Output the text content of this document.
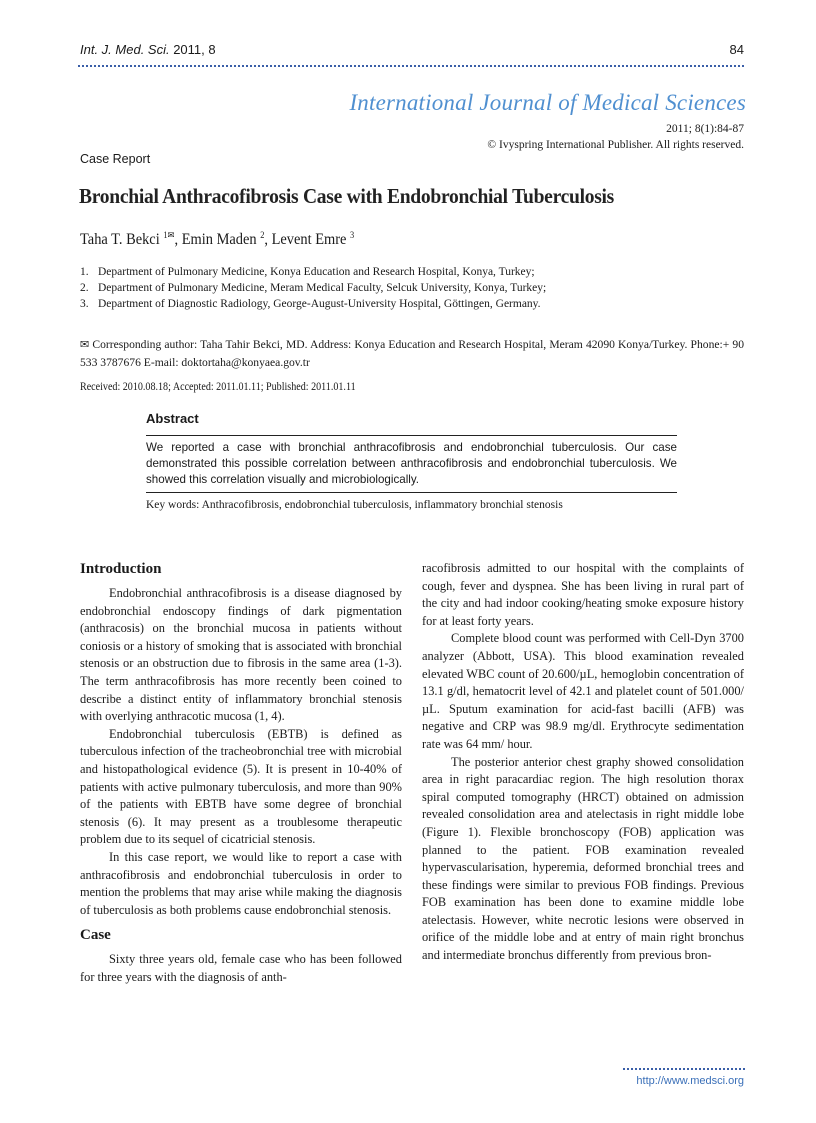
Int. J. Med. Sci. 2011, 8	84
International Journal of Medical Sciences
2011; 8(1):84-87
© Ivyspring International Publisher. All rights reserved.
Case Report
Bronchial Anthracofibrosis Case with Endobronchial Tuberculosis
Taha T. Bekci $^{1✉}$, Emin Maden $^2$, Levent Emre $^3$
1. Department of Pulmonary Medicine, Konya Education and Research Hospital, Konya, Turkey;
2. Department of Pulmonary Medicine, Meram Medical Faculty, Selcuk University, Konya, Turkey;
3. Department of Diagnostic Radiology, George-August-University Hospital, Göttingen, Germany.
✉ Corresponding author: Taha Tahir Bekci, MD. Address: Konya Education and Research Hospital, Meram 42090 Konya/Turkey. Phone:+ 90 533 3787676 E-mail: doktortaha@konyaea.gov.tr
Received: 2010.08.18; Accepted: 2011.01.11; Published: 2011.01.11
Abstract
We reported a case with bronchial anthracofibrosis and endobronchial tuberculosis. Our case demonstrated this possible correlation between anthracofibrosis and endobronchial tuberculosis. We showed this correlation visually and microbiologically.
Key words: Anthracofibrosis, endobronchial tuberculosis, inflammatory bronchial stenosis
Introduction

Endobronchial anthracofibrosis is a disease diagnosed by endobronchial endoscopy findings of dark pigmentation (anthracosis) on the bronchial mucosa in patients without coniosis or a history of smoking that is associated with bronchial stenosis or an obstruction due to fibrosis in the same area (1-3). The term anthracofibrosis has more recently been coined to describe a distinct entity of inflammatory bronchial stenosis with overlying anthracotic mucosa (1, 4).

Endobronchial tuberculosis (EBTB) is defined as tuberculous infection of the tracheobronchial tree with microbial and histopathological evidence (5). It is present in 10-40% of patients with active pulmonary tuberculosis, and more than 90% of the patients with EBTB have some degree of bronchial stenosis (6). It may present as a troublesome therapeutic problem due to its sequel of cicatricial stenosis.

In this case report, we would like to report a case with anthracofibrosis and endobronchial tuberculosis in order to mention the problems that may arise while making the diagnosis of tuberculosis as both problems cause endobronchial stenosis.

Case

Sixty three years old, female case who has been followed for three years with the diagnosis of anth-

racofibrosis admitted to our hospital with the complaints of cough, fever and dyspnea. She has been living in rural part of the city and had indoor cooking/heating smoke exposure history for at least forty years.

Complete blood count was performed with Cell-Dyn 3700 analyzer (Abbott, USA). This blood examination revealed elevated WBC count of 20.600/µL, hemoglobin concentration of 13.1 g/dl, hematocrit level of 42.1 and platelet count of 501.000/µL. Sputum examination for acid-fast bacilli (AFB) was negative and CRP was 98.9 mg/dl. Erythrocyte sedimentation rate was 64 mm/ hour.

The posterior anterior chest graphy showed consolidation area in right paracardiac region. The high resolution thorax spiral computed tomography (HRCT) obtained on admission revealed consolidation area and atelectasis in right middle lobe (Figure 1). Flexible bronchoscopy (FOB) application was planned to the patient. FOB examination revealed hypervascularisation, hyperemia, deformed bronchial trees and these findings were similar to previous FOB findings. Previous FOB examination has been done to examine middle lobe atelectasis. However, white necrotic lesions were observed in orifice of the middle lobe and at entry of main right bronchus and intermediate bronchus differently from previous bron-

http://www.medsci.org
